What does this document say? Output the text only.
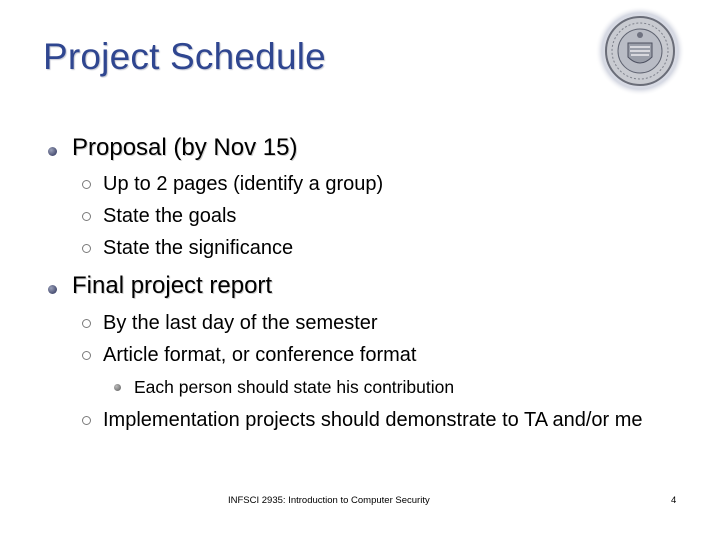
Project Schedule
Proposal (by Nov 15)
Up to 2 pages (identify a group)
State the goals
State the significance
Final project report
By the last day of the semester
Article format, or conference format
Each person should state his contribution
Implementation projects should demonstrate to TA and/or me
INFSCI 2935: Introduction to Computer Security	4
